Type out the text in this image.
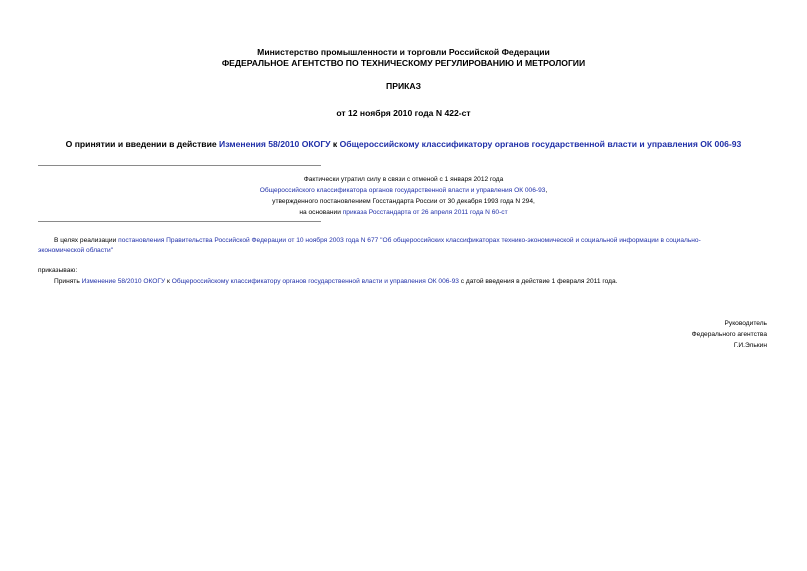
Министерство промышленности и торговли Российской Федерации
ФЕДЕРАЛЬНОЕ АГЕНТСТВО ПО ТЕХНИЧЕСКОМУ РЕГУЛИРОВАНИЮ И МЕТРОЛОГИИ
ПРИКАЗ
от 12 ноября 2010 года N 422-ст
О принятии и введении в действие Изменения 58/2010 ОКОГУ к Общероссийскому классификатору органов государственной власти и управления ОК 006-93
Фактически утратил силу в связи с отменой с 1 января 2012 года
Общероссийского классификатора органов государственной власти и управления ОК 006-93,
утвержденного постановлением Госстандарта России от 30 декабря 1993 года N 294,
на основании приказа Росстандарта от 26 апреля 2011 года N 60-ст
В целях реализации постановления Правительства Российской Федерации от 10 ноября 2003 года N 677 "Об общероссийских классификаторах технико-экономической и социальной информации в социально-
экономической области"
приказываю:
Принять Изменение 58/2010 ОКОГУ к Общероссийскому классификатору органов государственной власти и управления ОК 006-93 с датой введения в действие 1 февраля 2011 года.
Руководитель
Федерального агентства
Г.И.Элькин
